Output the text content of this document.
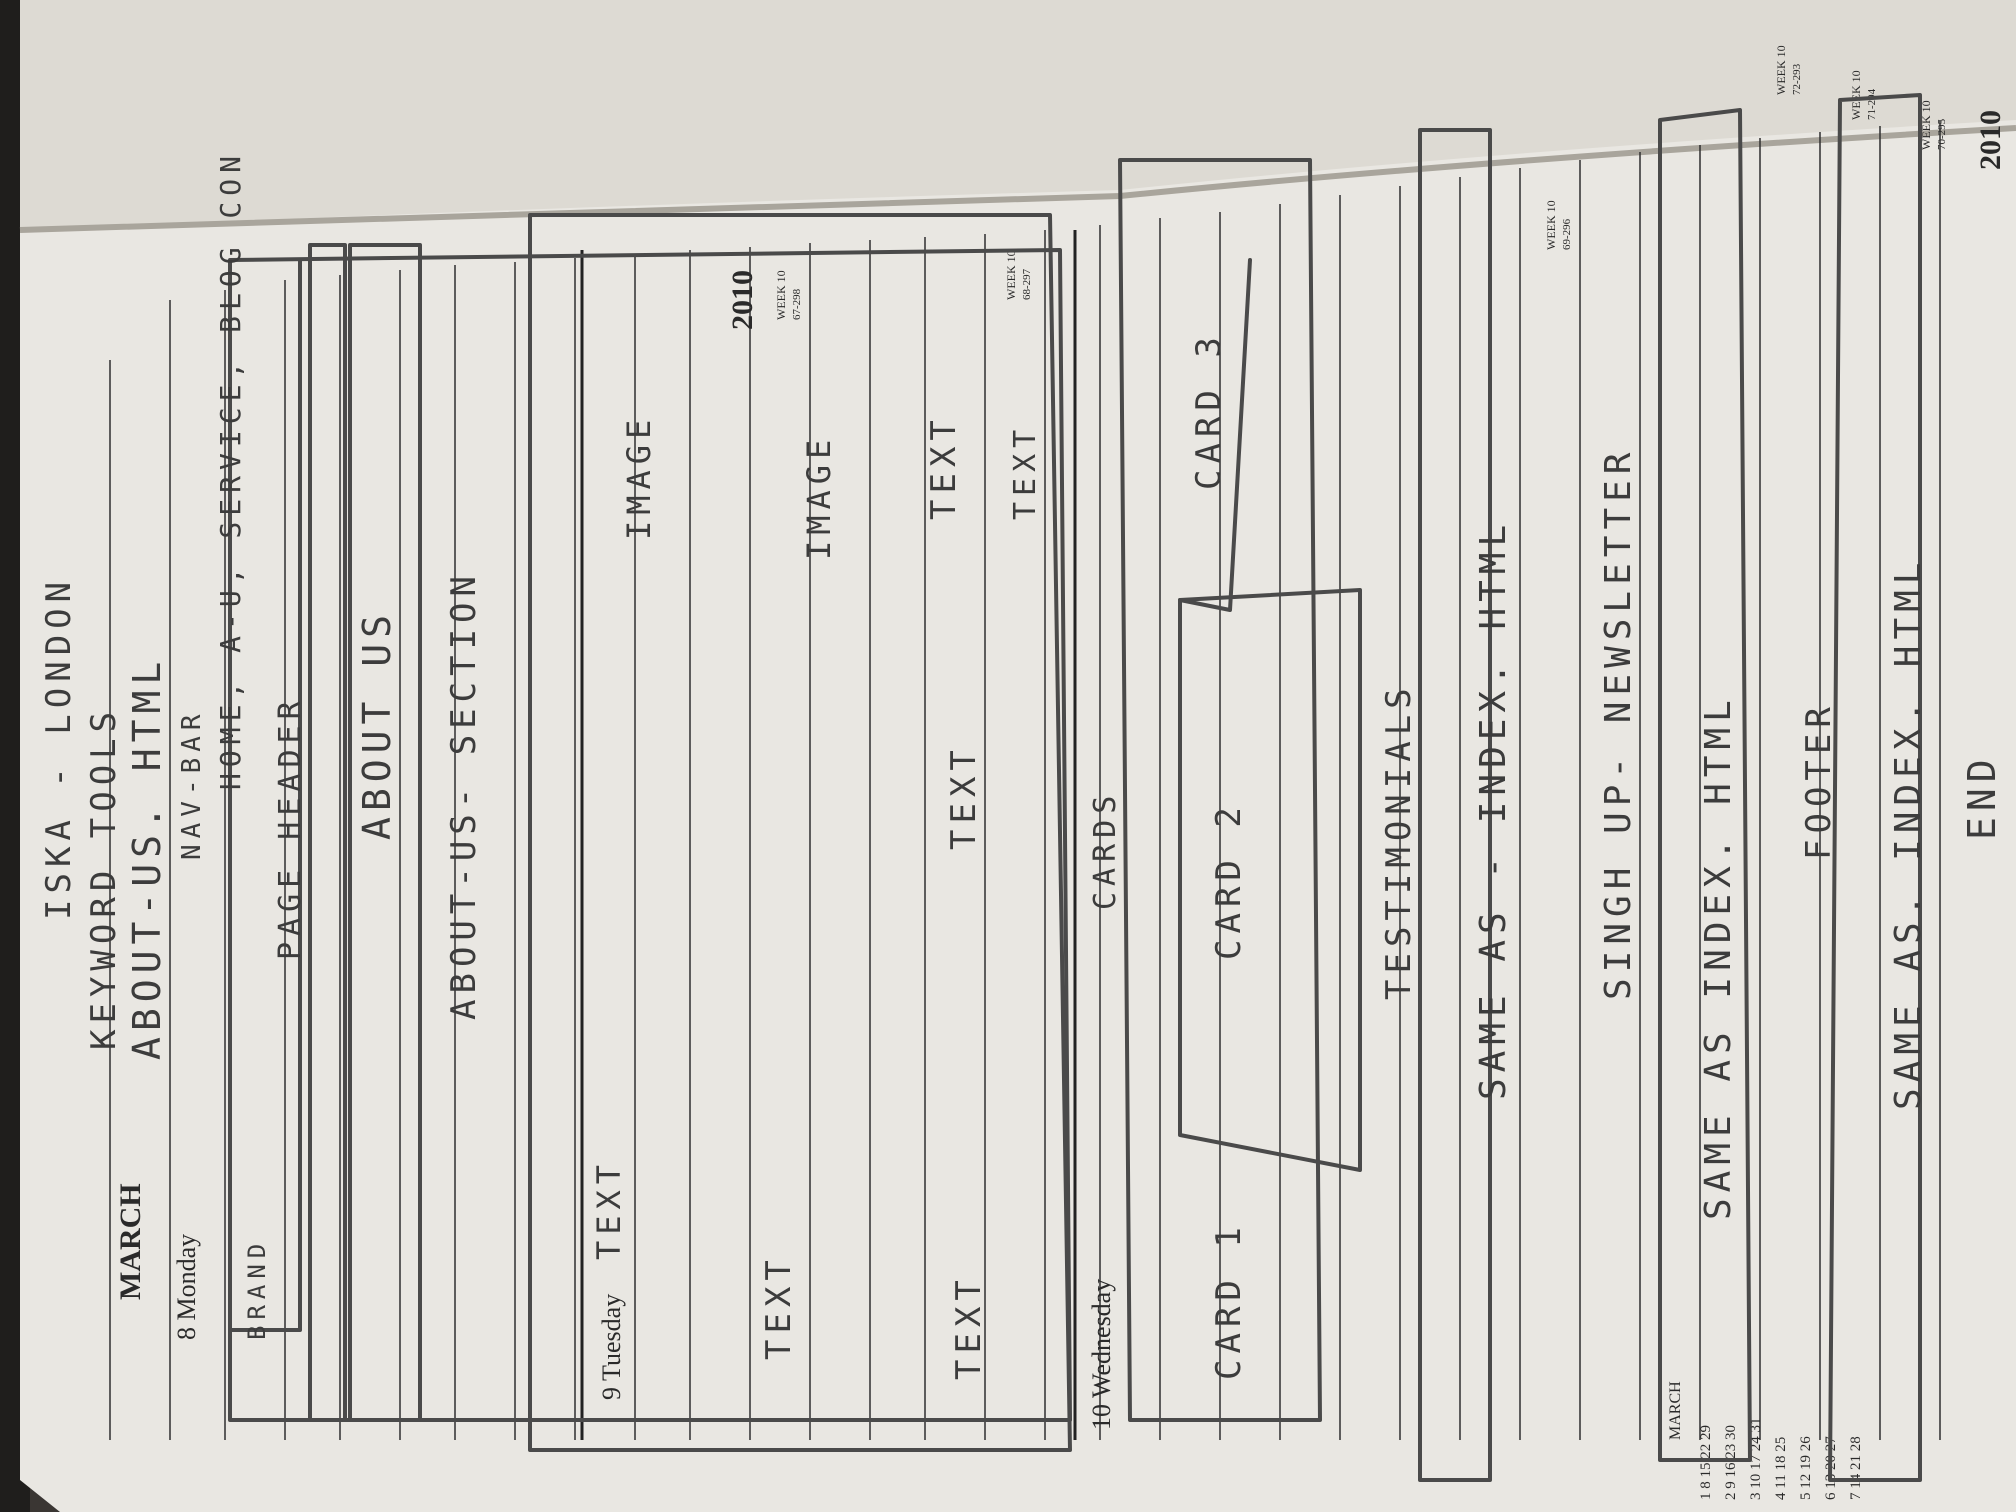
MARCH 8 Monday
9 Tuesday	10 Wednesday
2010
2010
WEEK 10 67-298
WEEK 10 68-297
WEEK 10 69-296
WEEK 10 70-295
WEEK 10 71-294
WEEK 10 72-293
MARCH
1 8 15 22 29 2 9 16 23 30 3 10 17 24 31 4 11 18 25 5 12 19 26 6 13 20 27 7 14 21 28
ISKA - LONDON KEYWORD TOOLS ABOUT-US. HTML NAV-BAR HOME, A-U, SERVICE, BLOG CON
BRAND
PAGE HEADER ABOUT US ABOUT-US- SECTION
TEXT
IMAGE
TEXT
IMAGE
TEXT
TEXT
TEXT TEXT
CARDS
CARD 1
CARD 2
CARD 3
TESTIMONIALS SAME AS - INDEX. HTML SINGH UP- NEWSLETTER SAME AS INDEX. HTML FOOTER SAME AS. INDEX. HTML END
